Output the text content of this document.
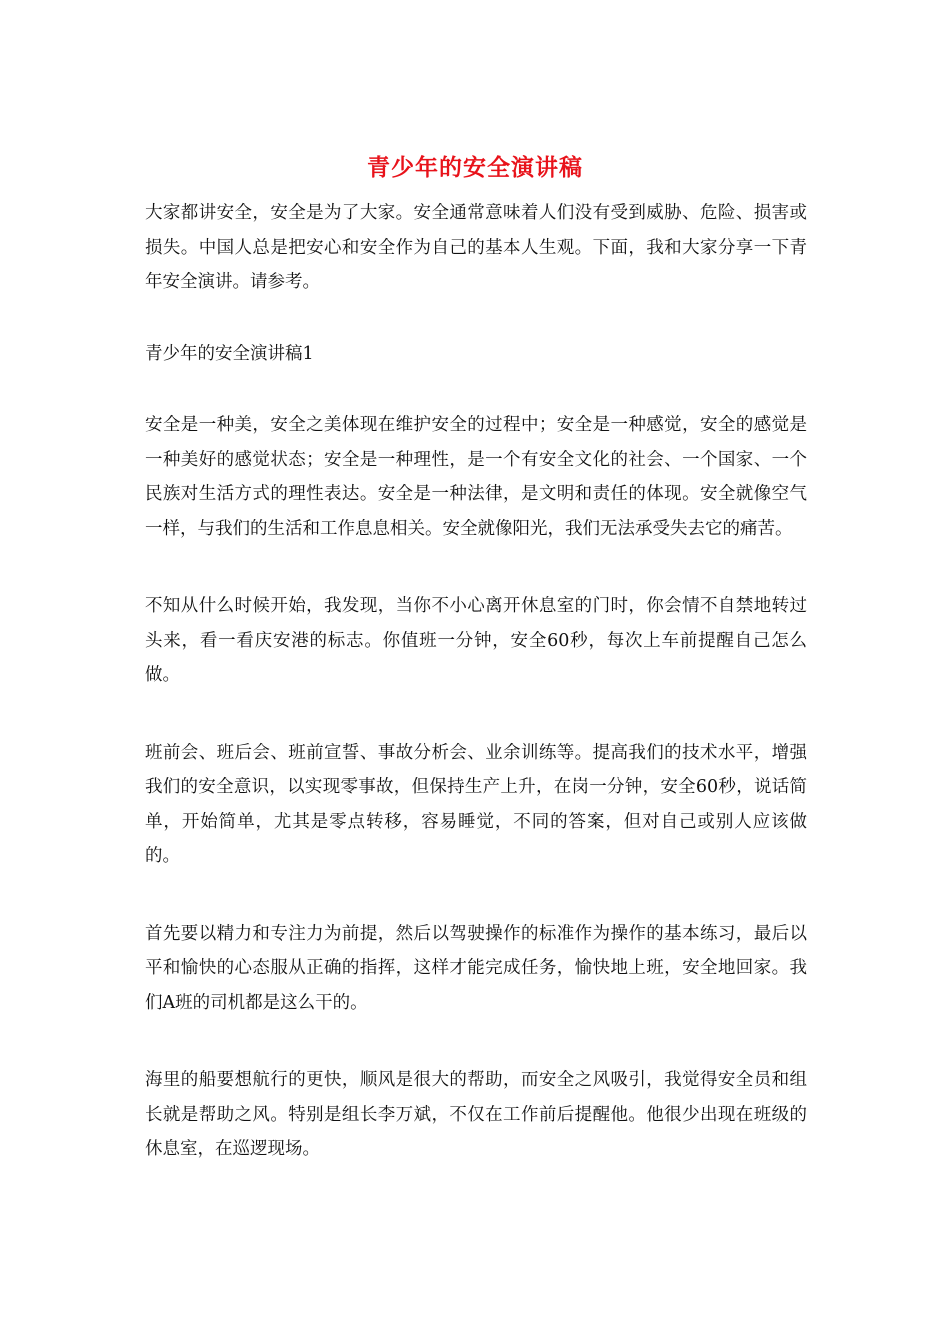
青少年的安全演讲稿

大家都讲安全，安全是为了大家。安全通常意味着人们没有受到威胁、危险、损害或损失。中国人总是把安心和安全作为自己的基本人生观。下面，我和大家分享一下青年安全演讲。请参考。

青少年的安全演讲稿1

安全是一种美，安全之美体现在维护安全的过程中；安全是一种感觉，安全的感觉是一种美好的感觉状态；安全是一种理性，是一个有安全文化的社会、一个国家、一个民族对生活方式的理性表达。安全是一种法律，是文明和责任的体现。安全就像空气一样，与我们的生活和工作息息相关。安全就像阳光，我们无法承受失去它的痛苦。

不知从什么时候开始，我发现，当你不小心离开休息室的门时，你会情不自禁地转过头来，看一看庆安港的标志。你值班一分钟，安全60秒，每次上车前提醒自己怎么做。

班前会、班后会、班前宣誓、事故分析会、业余训练等。提高我们的技术水平，增强我们的安全意识，以实现零事故，但保持生产上升，在岗一分钟，安全60秒，说话简单，开始简单，尤其是零点转移，容易睡觉，不同的答案，但对自己或别人应该做的。

首先要以精力和专注力为前提，然后以驾驶操作的标准作为操作的基本练习，最后以平和愉快的心态服从正确的指挥，这样才能完成任务，愉快地上班，安全地回家。我们A班的司机都是这么干的。

海里的船要想航行的更快，顺风是很大的帮助，而安全之风吸引，我觉得安全员和组长就是帮助之风。特别是组长李万斌，不仅在工作前后提醒他。他很少出现在班级的休息室，在巡逻现场。
